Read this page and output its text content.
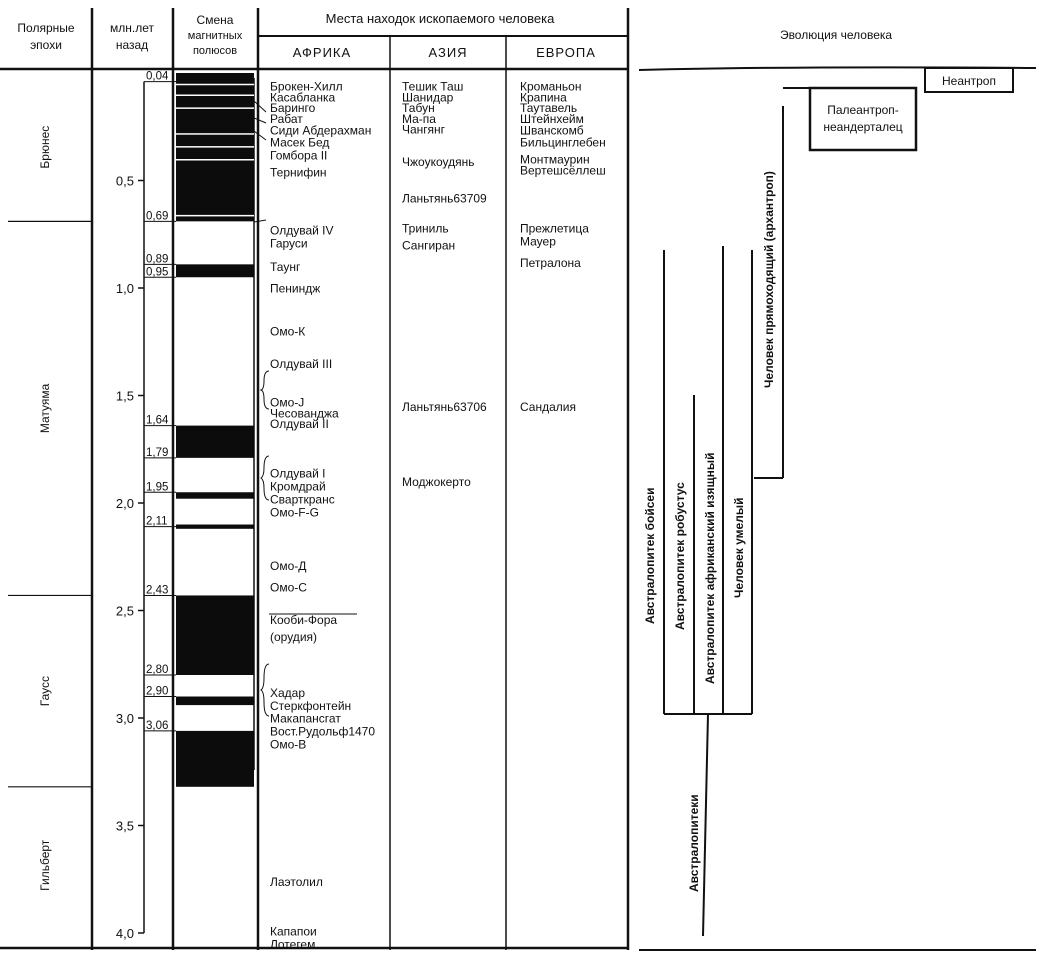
Полярные
эпохи
млн.лет
назад
Смена
магнитных
полюсов
Места находок ископаемого человека
АФРИКА	АЗИЯ	ЕВРОПА
Эволюция человека
Брюнес
Матуяма
Гаусс
Гильберт
0,5
1,0
1,5
2,0
2,5
3,0
3,5
4,0
0,04
0,69
0,89
0,95
1,64
1,79
1,95
2,11
2,43
2,80
2,90
3,06
Брокен-Хилл
Касабланка
Баринго
Рабат
Сиди Абдерахман
Масек Бед
Гомбора II
Тернифин
Олдувай IV
Гаруси
Таунг
Пениндж
Омо-К
Олдувай III
Омо-J
Чесованджа
Олдувай II
Олдувай I
Кромдрай
Сварткранс
Омо-F-G
Омо-Д
Омо-С
Кооби-Фора
(орудия)
Хадар
Стеркфонтейн
Макапансгат
Вост.Рудольф1470
Омо-В
Лаэтолил
Капапои
Лотегем
Тешик Таш
Шанидар
Табун
Ма-па
Чангянг
Чжоукоудянь
Ланьтянь63709
Триниль
Сангиран
Ланьтянь63706
Моджокерто
Кроманьон
Крапина
Таутавель
Штейнхейм
Шванскомб
Бильцинглебен
Монтмаурин
Вертешсёллеш
Прежлетица
Мауер
Петралона
Сандалия
Неантроп
Палеантроп-
неандерталец
Австралопитек бойсеи Австралопитек робустус Австралопитек африканский изящный Человек умелый
Человек прямоходящий (архантроп)
Австралопитеки
